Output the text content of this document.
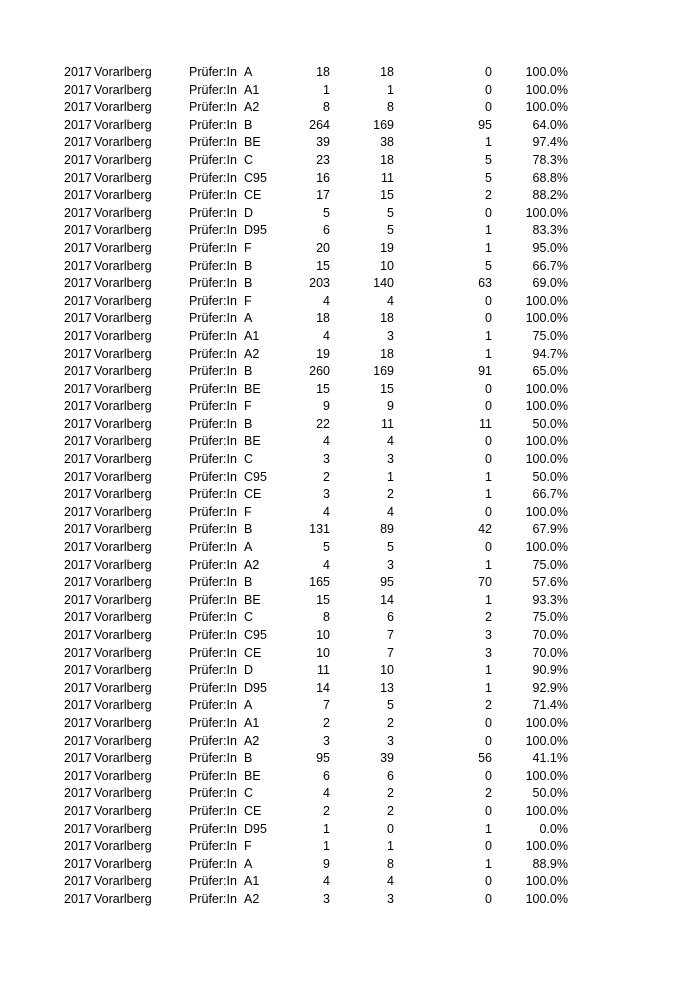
2017 Vorarlberg	Prüfer:In A	18	18	0	100.0%
2017 Vorarlberg	Prüfer:In A1	1	1	0	100.0%
2017 Vorarlberg	Prüfer:In A2	8	8	0	100.0%
2017 Vorarlberg	Prüfer:In B	264	169	95	64.0%
2017 Vorarlberg	Prüfer:In BE	39	38	1	97.4%
2017 Vorarlberg	Prüfer:In C	23	18	5	78.3%
2017 Vorarlberg	Prüfer:In C95	16	11	5	68.8%
2017 Vorarlberg	Prüfer:In CE	17	15	2	88.2%
2017 Vorarlberg	Prüfer:In D	5	5	0	100.0%
2017 Vorarlberg	Prüfer:In D95	6	5	1	83.3%
2017 Vorarlberg	Prüfer:In F	20	19	1	95.0%
2017 Vorarlberg	Prüfer:In B	15	10	5	66.7%
2017 Vorarlberg	Prüfer:In B	203	140	63	69.0%
2017 Vorarlberg	Prüfer:In F	4	4	0	100.0%
2017 Vorarlberg	Prüfer:In A	18	18	0	100.0%
2017 Vorarlberg	Prüfer:In A1	4	3	1	75.0%
2017 Vorarlberg	Prüfer:In A2	19	18	1	94.7%
2017 Vorarlberg	Prüfer:In B	260	169	91	65.0%
2017 Vorarlberg	Prüfer:In BE	15	15	0	100.0%
2017 Vorarlberg	Prüfer:In F	9	9	0	100.0%
2017 Vorarlberg	Prüfer:In B	22	11	11	50.0%
2017 Vorarlberg	Prüfer:In BE	4	4	0	100.0%
2017 Vorarlberg	Prüfer:In C	3	3	0	100.0%
2017 Vorarlberg	Prüfer:In C95	2	1	1	50.0%
2017 Vorarlberg	Prüfer:In CE	3	2	1	66.7%
2017 Vorarlberg	Prüfer:In F	4	4	0	100.0%
2017 Vorarlberg	Prüfer:In B	131	89	42	67.9%
2017 Vorarlberg	Prüfer:In A	5	5	0	100.0%
2017 Vorarlberg	Prüfer:In A2	4	3	1	75.0%
2017 Vorarlberg	Prüfer:In B	165	95	70	57.6%
2017 Vorarlberg	Prüfer:In BE	15	14	1	93.3%
2017 Vorarlberg	Prüfer:In C	8	6	2	75.0%
2017 Vorarlberg	Prüfer:In C95	10	7	3	70.0%
2017 Vorarlberg	Prüfer:In CE	10	7	3	70.0%
2017 Vorarlberg	Prüfer:In D	11	10	1	90.9%
2017 Vorarlberg	Prüfer:In D95	14	13	1	92.9%
2017 Vorarlberg	Prüfer:In A	7	5	2	71.4%
2017 Vorarlberg	Prüfer:In A1	2	2	0	100.0%
2017 Vorarlberg	Prüfer:In A2	3	3	0	100.0%
2017 Vorarlberg	Prüfer:In B	95	39	56	41.1%
2017 Vorarlberg	Prüfer:In BE	6	6	0	100.0%
2017 Vorarlberg	Prüfer:In C	4	2	2	50.0%
2017 Vorarlberg	Prüfer:In CE	2	2	0	100.0%
2017 Vorarlberg	Prüfer:In D95	1	0	1	0.0%
2017 Vorarlberg	Prüfer:In F	1	1	0	100.0%
2017 Vorarlberg	Prüfer:In A	9	8	1	88.9%
2017 Vorarlberg	Prüfer:In A1	4	4	0	100.0%
2017 Vorarlberg	Prüfer:In A2	3	3	0	100.0%
